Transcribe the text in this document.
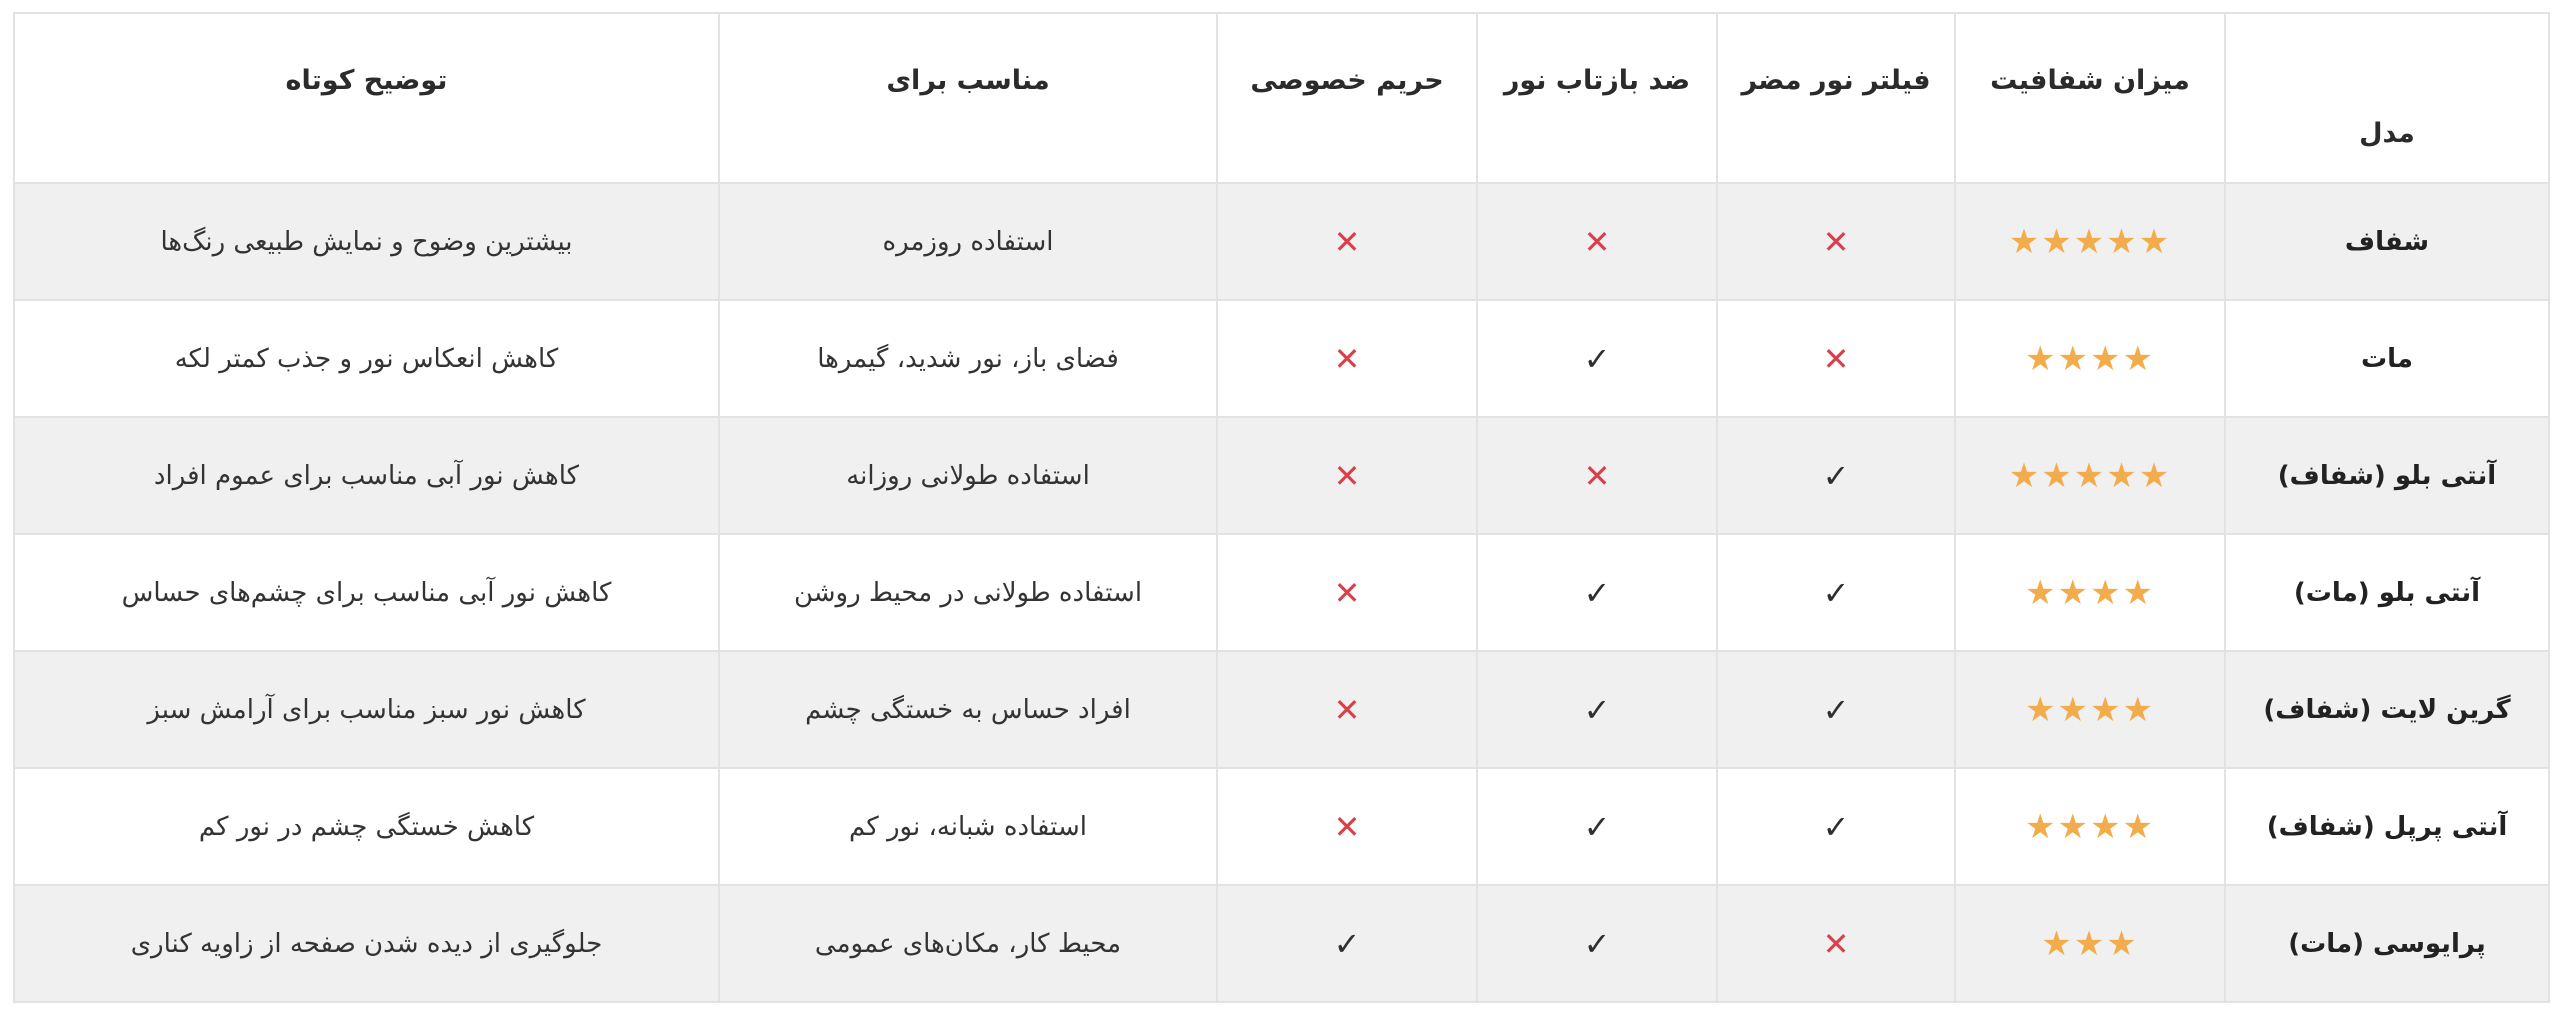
مدل	میزان شفافیت	فیلتر نور مضر	ضد بازتاب نور	حریم خصوصی	مناسب برای	توضیح کوتاه
شفاف	★★★★★	✕	✕	✕	استفاده روزمره	بیشترین وضوح و نمایش طبیعی رنگ‌ها
مات	★★★★	✕	✓	✕	فضای باز، نور شدید، گیمرها	کاهش انعکاس نور و جذب کمتر لکه
آنتی بلو (شفاف)	★★★★★	✓	✕	✕	استفاده طولانی روزانه	کاهش نور آبی مناسب برای عموم افراد
آنتی بلو (مات)	★★★★	✓	✓	✕	استفاده طولانی در محیط روشن	کاهش نور آبی مناسب برای چشم‌های حساس
گرین لایت (شفاف)	★★★★	✓	✓	✕	افراد حساس به خستگی چشم	کاهش نور سبز مناسب برای آرامش سبز
آنتی پرپل (شفاف)	★★★★	✓	✓	✕	استفاده شبانه، نور کم	کاهش خستگی چشم در نور کم
پرایوسی (مات)	★★★	✕	✓	✓	محیط کار، مکان‌های عمومی	جلوگیری از دیده شدن صفحه از زاویه کناری
